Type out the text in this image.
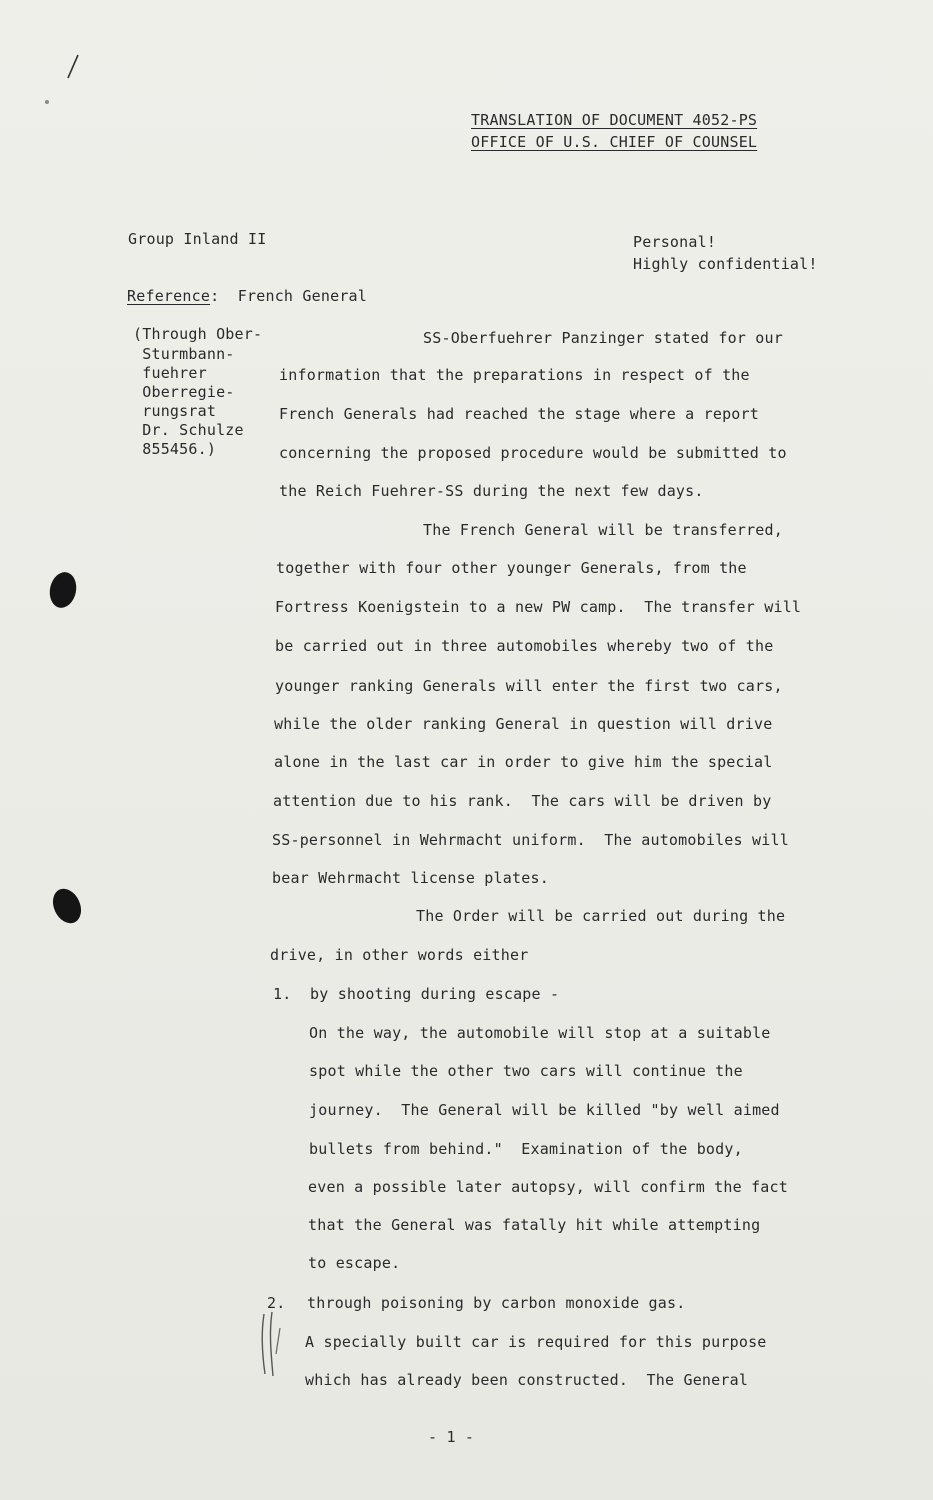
TRANSLATION OF DOCUMENT 4052-PS
OFFICE OF U.S. CHIEF OF COUNSEL
Group Inland II	Personal!
Highly confidential!
Reference: French General
(Through Ober-
Sturmbann-
fuehrer
Oberregie-
rungsrat
Dr. Schulze
855456.)
SS-Oberfuehrer Panzinger stated for our
information that the preparations in respect of the
French Generals had reached the stage where a report
concerning the proposed procedure would be submitted to
the Reich Fuehrer-SS during the next few days.
The French General will be transferred,
together with four other younger Generals, from the
Fortress Koenigstein to a new PW camp.  The transfer will
be carried out in three automobiles whereby two of the
younger ranking Generals will enter the first two cars,
while the older ranking General in question will drive
alone in the last car in order to give him the special
attention due to his rank.  The cars will be driven by
SS-personnel in Wehrmacht uniform.  The automobiles will
bear Wehrmacht license plates.
The Order will be carried out during the
drive, in other words either
1. by shooting during escape -
On the way, the automobile will stop at a suitable
spot while the other two cars will continue the
journey.  The General will be killed "by well aimed
bullets from behind."  Examination of the body,
even a possible later autopsy, will confirm the fact
that the General was fatally hit while attempting
to escape.
2. through poisoning by carbon monoxide gas.
A specially built car is required for this purpose
which has already been constructed.  The General
- 1 -
